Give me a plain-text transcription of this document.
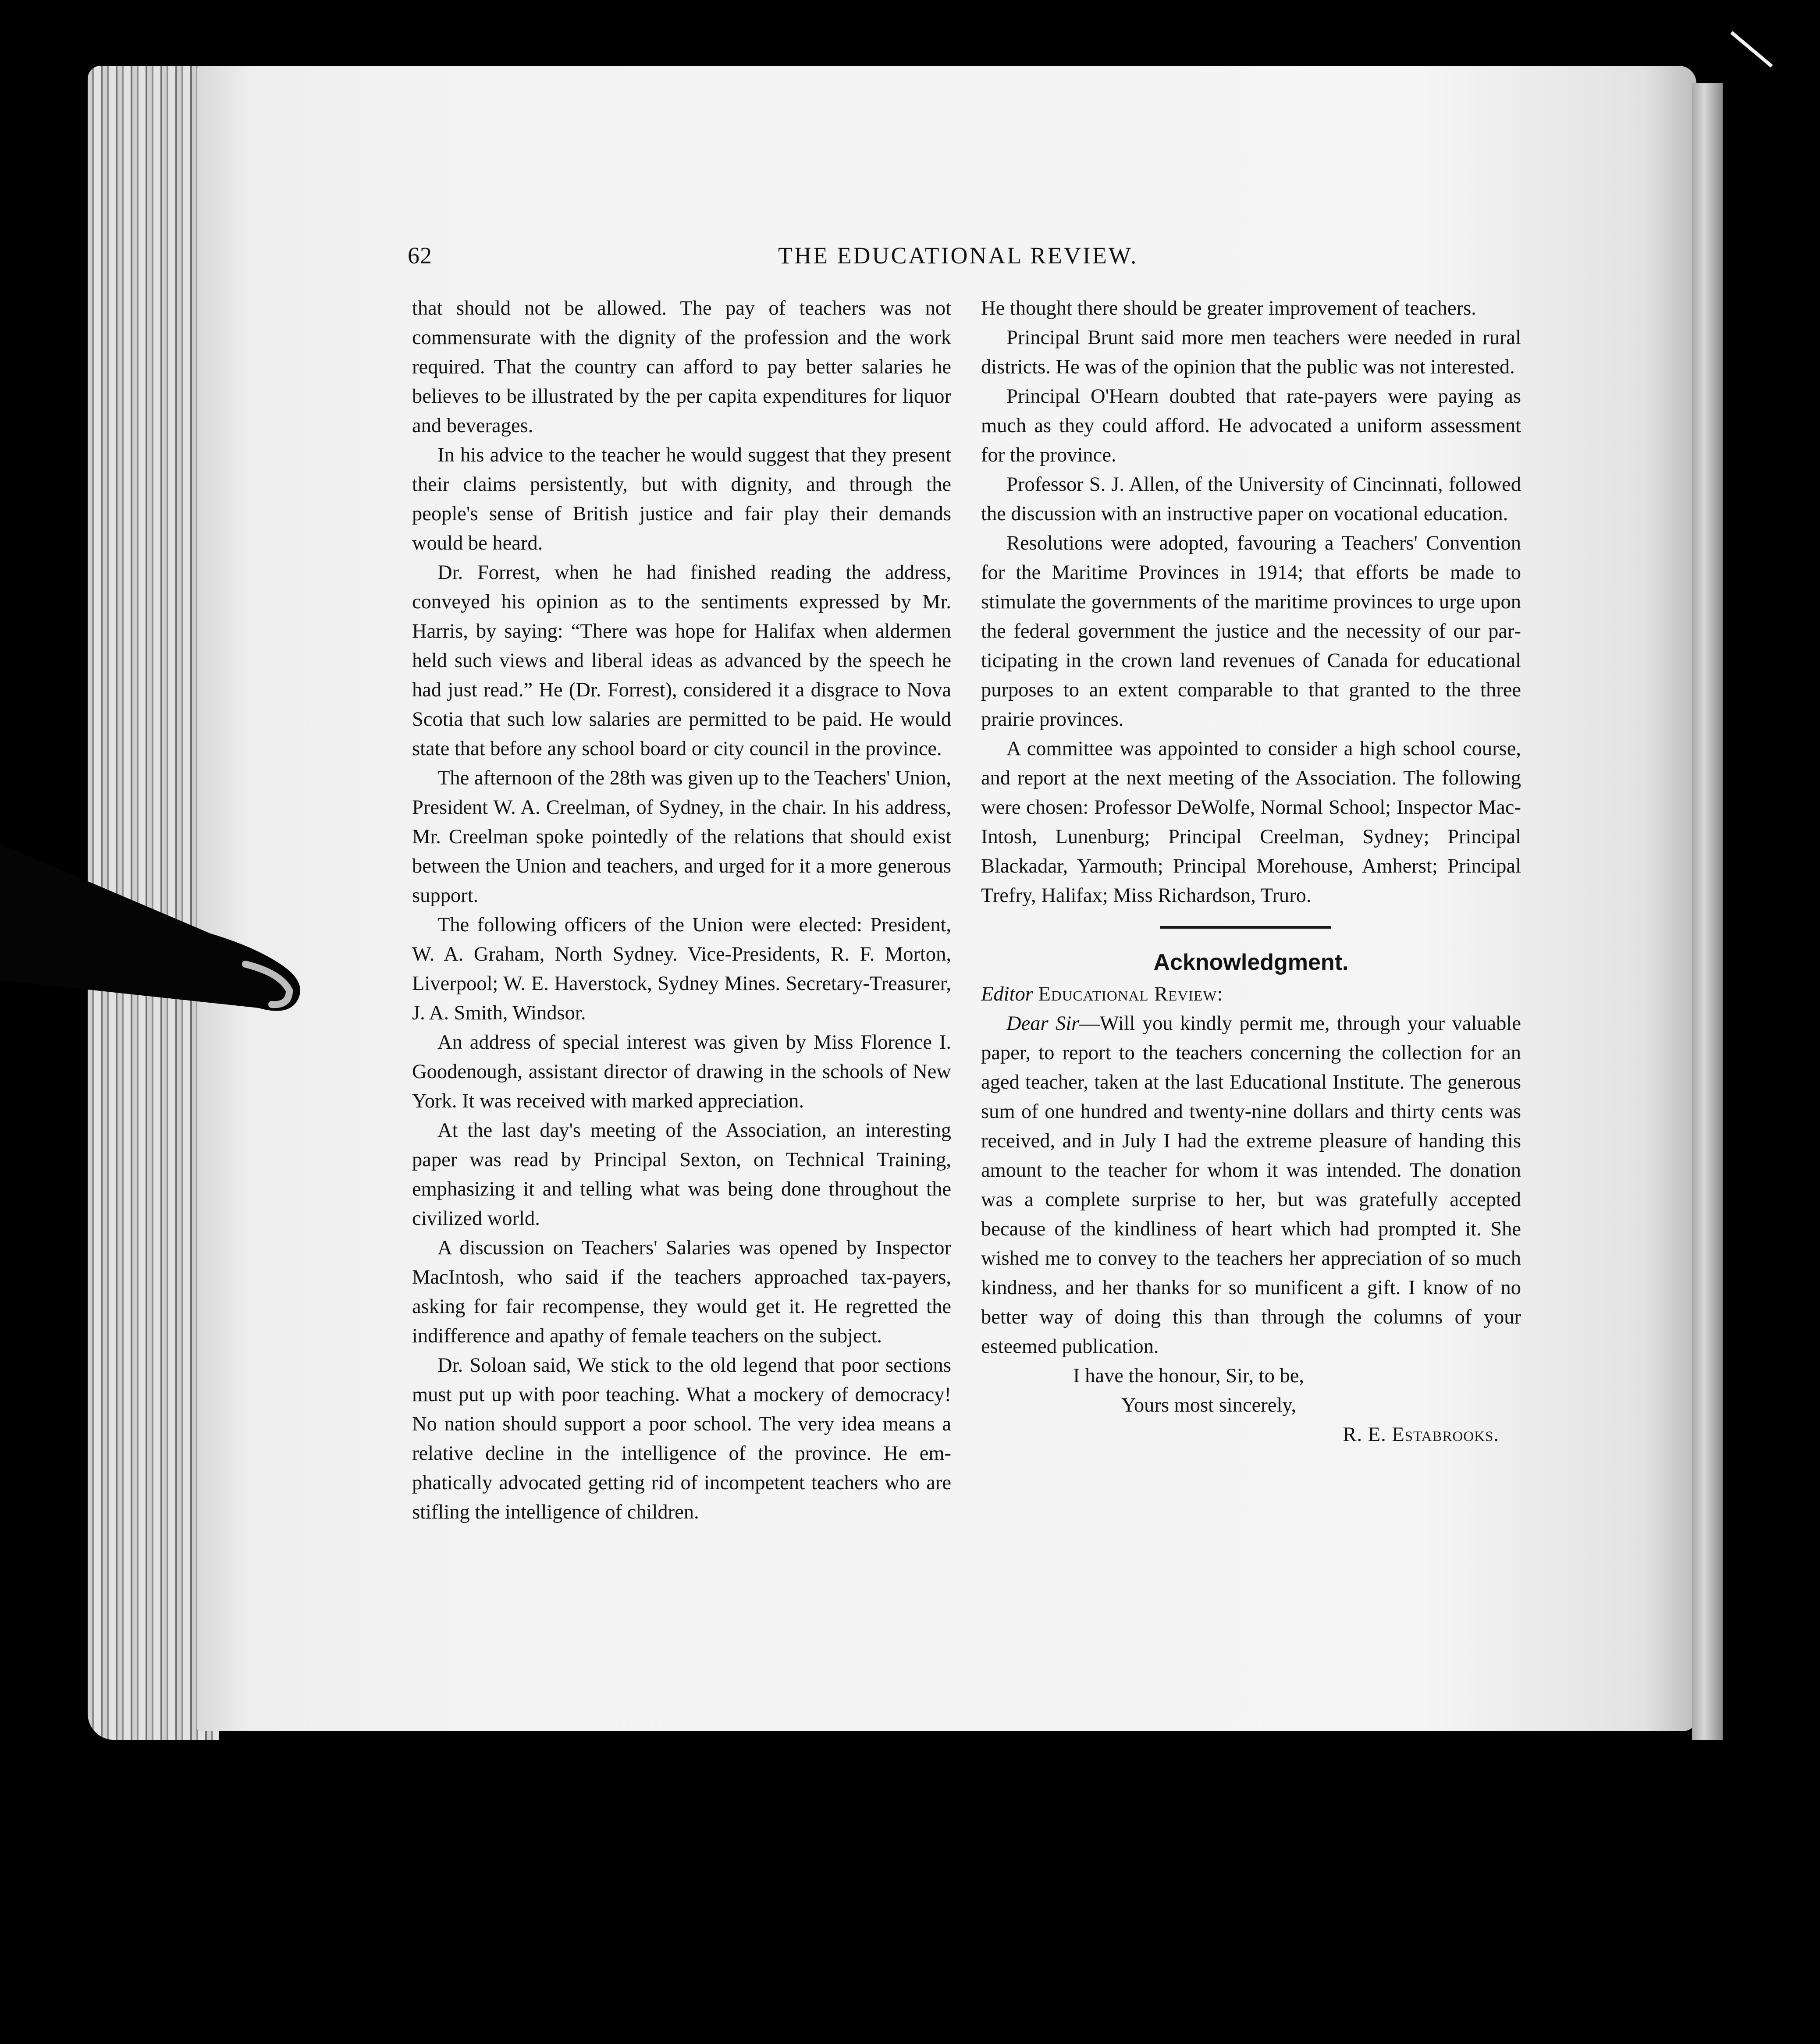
62	THE EDUCATIONAL REVIEW.

that should not be allowed. The pay of teachers was not commensurate with the dignity of the profession and the work required. That the country can afford to pay better salaries he believes to be illustrated by the per capita expenditures for liquor and beverages.

In his advice to the teacher he would suggest that they present their claims persistently, but with dignity, and through the people's sense of British justice and fair play their demands would be heard.

Dr. Forrest, when he had finished reading the address, conveyed his opinion as to the sentiments expressed by Mr. Harris, by saying: “There was hope for Halifax when aldermen held such views and liberal ideas as advanced by the speech he had just read.” He (Dr. Forrest), considered it a disgrace to Nova Scotia that such low salaries are permitted to be paid. He would state that before any school board or city council in the province.

The afternoon of the 28th was given up to the Teachers' Union, President W. A. Creelman, of Sydney, in the chair. In his address, Mr. Creelman spoke pointedly of the relations that should exist between the Union and teachers, and urged for it a more generous support.

The following officers of the Union were elected: President, W. A. Graham, North Sydney. Vice-Presidents, R. F. Morton, Liverpool; W. E. Haverstock, Sydney Mines. Secretary-Treasurer, J. A. Smith, Windsor.

An address of special interest was given by Miss Florence I. Goodenough, assistant director of drawing in the schools of New York. It was received with marked appreciation.

At the last day's meeting of the Association, an interesting paper was read by Principal Sexton, on Technical Training, emphasizing it and telling what was being done throughout the civilized world.

A discussion on Teachers' Salaries was opened by Inspector MacIntosh, who said if the teachers approached tax-payers, asking for fair recompense, they would get it. He regretted the indifference and apathy of female teachers on the subject.

Dr. Soloan said, We stick to the old legend that poor sections must put up with poor teaching. What a mockery of democracy! No nation should support a poor school. The very idea means a relative decline in the intelligence of the province. He emphatically advocated getting rid of incompetent teachers who are stifling the intelligence of children.

He thought there should be greater improvement of teachers.

Principal Brunt said more men teachers were needed in rural districts. He was of the opinion that the public was not interested.

Principal O'Hearn doubted that rate-payers were paying as much as they could afford. He advocated a uniform assessment for the province.

Professor S. J. Allen, of the University of Cincinnati, followed the discussion with an instructive paper on vocational education.

Resolutions were adopted, favouring a Teachers' Convention for the Maritime Provinces in 1914; that efforts be made to stimulate the governments of the maritime provinces to urge upon the federal government the justice and the necessity of our participating in the crown land revenues of Canada for educational purposes to an extent comparable to that granted to the three prairie provinces.

A committee was appointed to consider a high school course, and report at the next meeting of the Association. The following were chosen: Professor DeWolfe, Normal School; Inspector MacIntosh, Lunenburg; Principal Creelman, Sydney; Principal Blackadar, Yarmouth; Principal Morehouse, Amherst; Principal Trefry, Halifax; Miss Richardson, Truro.

Acknowledgment.

Editor Educational Review:

Dear Sir—Will you kindly permit me, through your valuable paper, to report to the teachers concerning the collection for an aged teacher, taken at the last Educational Institute. The generous sum of one hundred and twenty-nine dollars and thirty cents was received, and in July I had the extreme pleasure of handing this amount to the teacher for whom it was intended. The donation was a complete surprise to her, but was gratefully accepted because of the kindliness of heart which had prompted it. She wished me to convey to the teachers her appreciation of so much kindness, and her thanks for so munificent a gift. I know of no better way of doing this than through the columns of your esteemed publication.

I have the honour, Sir, to be,

Yours most sincerely,

R. E. Estabrooks.
